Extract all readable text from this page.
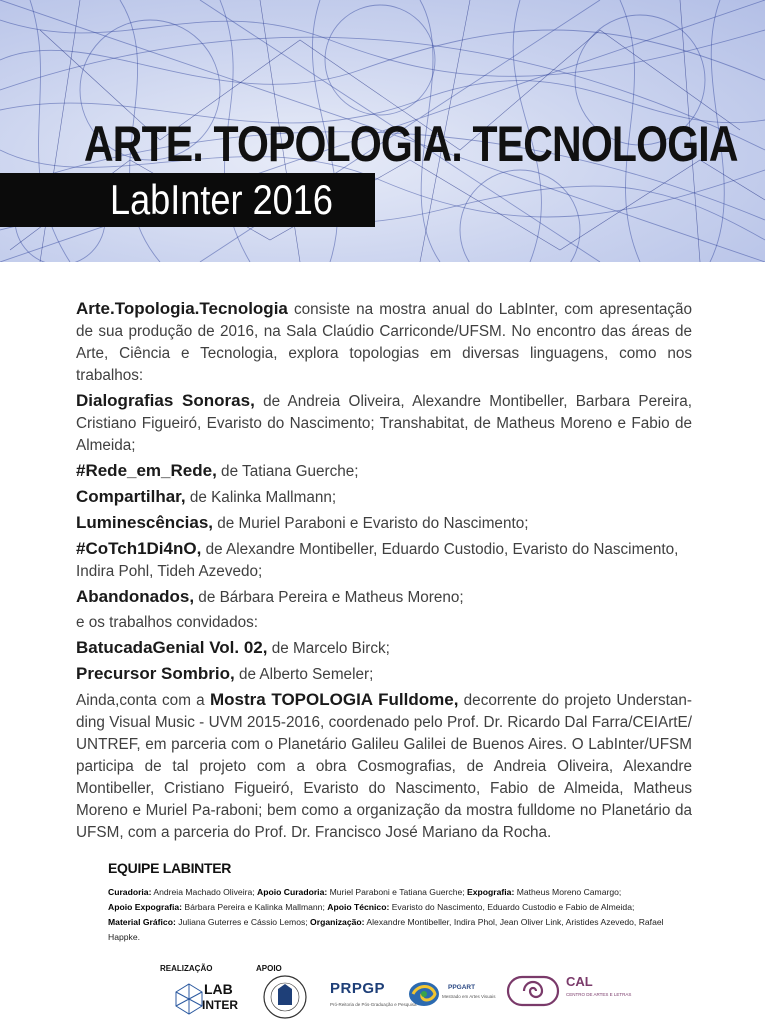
ARTE. TOPOLOGIA. TECNOLOGIA
LabInter 2016

Arte.Topologia.Tecnologia consiste na mostra anual do LabInter, com apresentação de sua produção de 2016, na Sala Claúdio Carriconde/UFSM. No encontro das áreas de Arte, Ciência e Tecnologia, explora topologias em diversas linguagens, como nos trabalhos:

Dialografias Sonoras, de Andreia Oliveira, Alexandre Montibeller, Barbara Pereira, Cristiano Figueiró, Evaristo do Nascimento; Transhabitat, de Matheus Moreno e Fabio de Almeida;

#Rede_em_Rede, de Tatiana Guerche;

Compartilhar, de Kalinka Mallmann;

Luminescências, de Muriel Paraboni e Evaristo do Nascimento;

#CoTch1Di4nO, de Alexandre Montibeller, Eduardo Custodio, Evaristo do Nascimento, Indira Pohl, Tideh Azevedo;

Abandonados, de Bárbara Pereira e Matheus Moreno;

e os trabalhos convidados:

BatucadaGenial Vol. 02, de Marcelo Birck;

Precursor Sombrio, de Alberto Semeler;

Ainda,conta com a Mostra TOPOLOGIA Fulldome, decorrente do projeto Understan-ding Visual Music - UVM 2015-2016, coordenado pelo Prof. Dr. Ricardo Dal Farra/CEIArtE/ UNTREF, em parceria com o Planetário Galileu Galilei de Buenos Aires. O LabInter/UFSM participa de tal projeto com a obra Cosmografias, de Andreia Oliveira, Alexandre Montibeller, Cristiano Figueiró, Evaristo do Nascimento, Fabio de Almeida, Matheus Moreno e Muriel Pa-raboni; bem como a organização da mostra fulldome no Planetário da UFSM, com a parceria do Prof. Dr. Francisco José Mariano da Rocha.

EQUIPE LABINTER

Curadoria: Andreia Machado Oliveira; Apoio Curadoria: Muriel Paraboni e Tatiana Guerche; Expografia: Matheus Moreno Camargo;
Apoio Expografia: Bárbara Pereira e Kalinka Mallmann; Apoio Técnico: Evaristo do Nascimento, Eduardo Custodio e Fabio de Almeida;
Material Gráfico: Juliana Guterres e Cássio Lemos; Organização: Alexandre Montibeller, Indira Phol, Jean Oliver Link, Aristides Azevedo, Rafael Happke.

REALIZAÇÃO	APOIO
LAB
INTER
PRPGP
Pró-Reitoria de Pós-Graduação e Pesquisa
PPGART
Mestrado em Artes Visuais
CAL
CENTRO DE ARTES E LETRAS
